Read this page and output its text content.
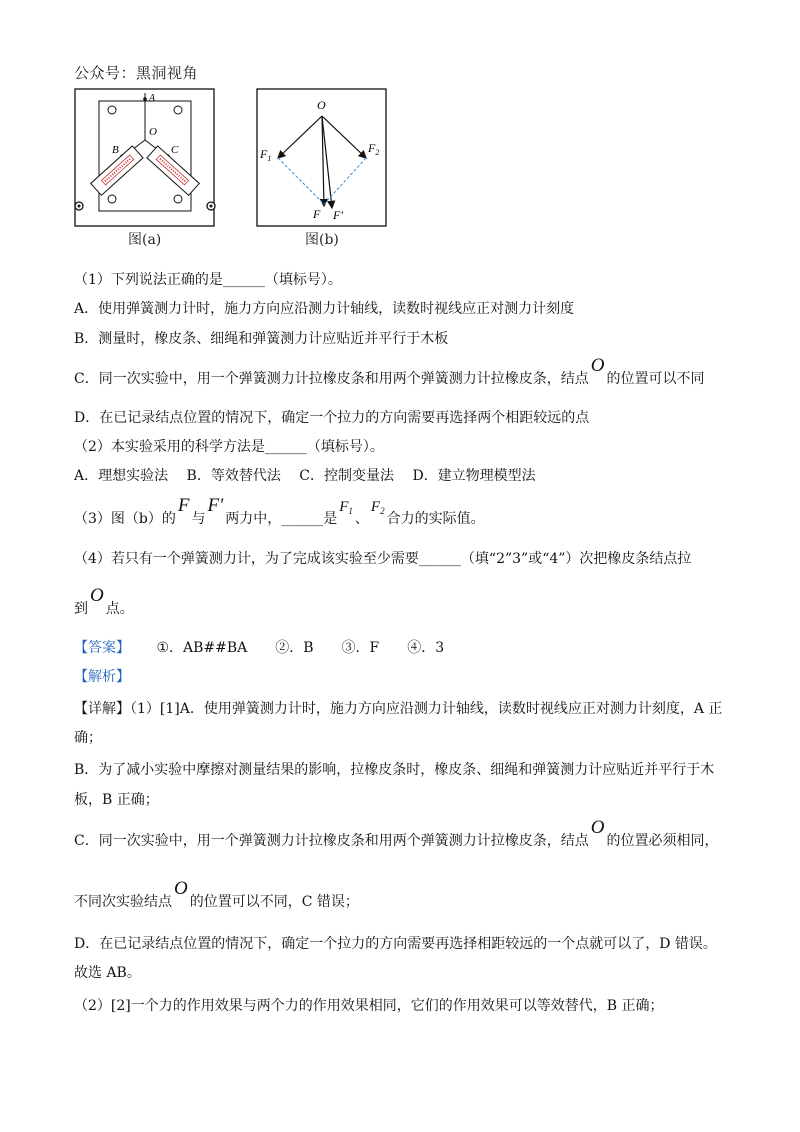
公众号：黑洞视角
A
O
B	C
图(a)
O
$F_1$
$F_2$
F F′
图(b)
（1）下列说法正确的是______（填标号）。
A．使用弹簧测力计时，施力方向应沿测力计轴线，读数时视线应正对测力计刻度
B．测量时，橡皮条、细绳和弹簧测力计应贴近并平行于木板
C．同一次实验中，用一个弹簧测力计拉橡皮条和用两个弹簧测力计拉橡皮条，结点O的位置可以不同
D．在已记录结点位置的情况下，确定一个拉力的方向需要再选择两个相距较远的点
（2）本实验采用的科学方法是______（填标号）。
A．理想实验法　 B．等效替代法　 C．控制变量法　 D．建立物理模型法
（3）图（b）的F与F′两力中，______是$F_1$ 、$F_2$ 合力的实际值。
（4）若只有一个弹簧测力计，为了完成该实验至少需要______（填“2”3”或“4”）次把橡皮条结点拉
到O点。
【答案】 ①．AB##BA　　②．B　　③．F　　④．3
【解析】
【详解】（1）[1]A．使用弹簧测力计时，施力方向应沿测力计轴线，读数时视线应正对测力计刻度，A 正
确；
B．为了减小实验中摩擦对测量结果的影响，拉橡皮条时，橡皮条、细绳和弹簧测力计应贴近并平行于木
板，B 正确；
C．同一次实验中，用一个弹簧测力计拉橡皮条和用两个弹簧测力计拉橡皮条，结点O的位置必须相同，
不同次实验结点O的位置可以不同，C 错误；
D．在已记录结点位置的情况下，确定一个拉力的方向需要再选择相距较远的一个点就可以了，D 错误。
故选 AB。
（2）[2]一个力的作用效果与两个力的作用效果相同，它们的作用效果可以等效替代，B 正确；
